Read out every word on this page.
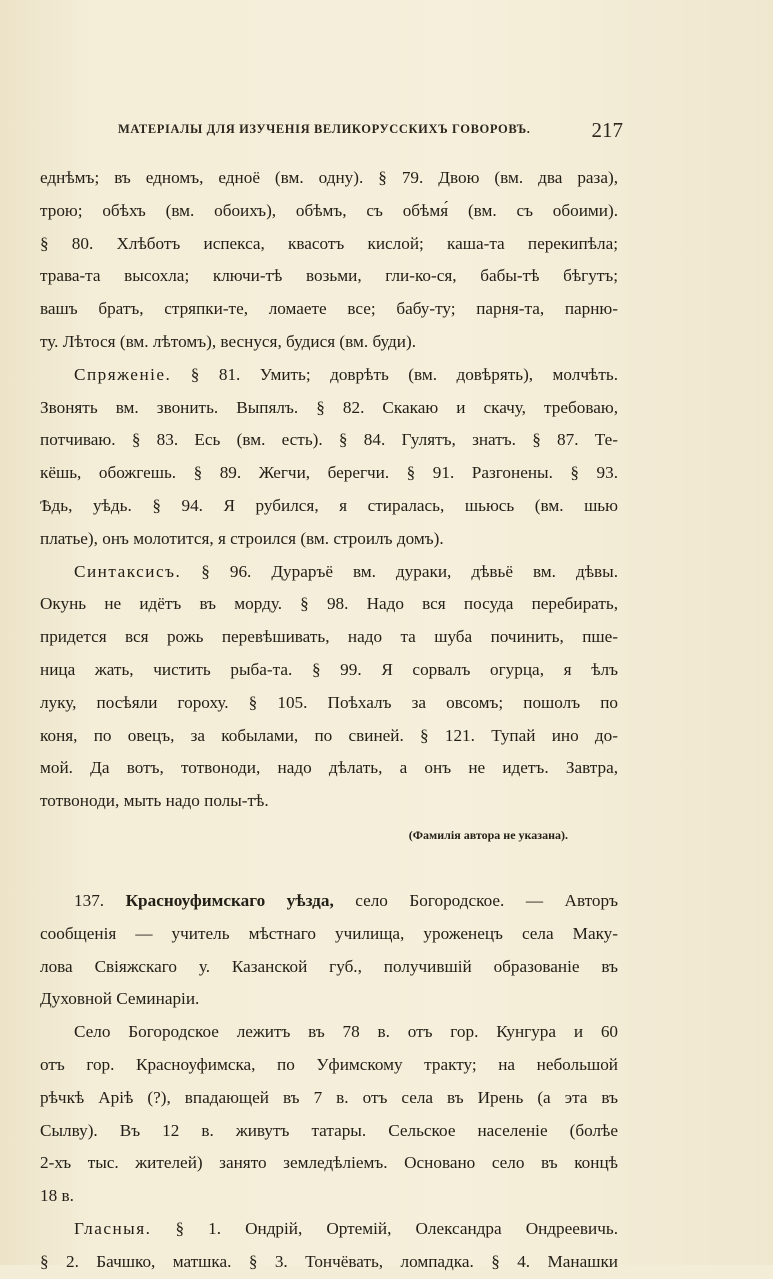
МАТЕРІАЛЫ ДЛЯ ИЗУЧЕНІЯ ВЕЛИКОРУССКИХЪ ГОВОРОВЪ.	217
еднѣмъ; въ едномъ, едноё (вм. одну). § 79. Двою (вм. два раза),
трою; обѣхъ (вм. обоихъ), обѣмъ, съ обѣмя́ (вм. съ обоими).
§ 80. Хлѣботъ испекса, квасотъ кислой; каша-та перекипѣла;
трава-та высохла; ключи-тѣ возьми, гли-ко-ся, бабы-тѣ бѣгутъ;
вашъ братъ, стряпки-те, ломаете все; бабу-ту; парня-та, парню-
ту. Лѣтося (вм. лѣтомъ), веснуся, будися (вм. буди).
Спряженіе. § 81. Умить; доврѣть (вм. довѣрять), молчѣть.
Звонять вм. звонить. Выпялъ. § 82. Скакаю и скачу, требоваю,
потчиваю. § 83. Есь (вм. есть). § 84. Гулятъ, знатъ. § 87. Те-
кёшь, обожгешь. § 89. Жегчи, берегчи. § 91. Разгонены. § 93.
Ѣдь, уѣдь. § 94. Я рубился, я стиралась, шьюсь (вм. шью
платье), онъ молотится, я строился (вм. строилъ домъ).
Синтаксисъ. § 96. Дураръё вм. дураки, дѣвьё вм. дѣвы.
Окунь не идётъ въ морду. § 98. Надо вся посуда перебирать,
придется вся рожь перевѣшивать, надо та шуба починить, пше-
ница жать, чистить рыба-та. § 99. Я сорвалъ огурца, я ѣлъ
луку, посѣяли гороху. § 105. Поѣхалъ за овсомъ; пошолъ по
коня, по овецъ, за кобылами, по свиней. § 121. Тупай ино до-
мой. Да вотъ, тотвоноди, надо дѣлать, а онъ не идетъ. Завтра,
тотвоноди, мыть надо полы-тѣ.
(Фамилія автора не указана).
137. Красноуфимскаго уѣзда, село Богородское. — Авторъ
сообщенія — учитель мѣстнаго училища, уроженецъ села Маку-
лова Свіяжскаго у. Казанской губ., получившій образованіе въ
Духовной Семинаріи.
Село Богородское лежитъ въ 78 в. отъ гор. Кунгура и 60
отъ гор. Красноуфимска, по Уфимскому тракту; на небольшой
рѣчкѣ Аріѣ (?), впадающей въ 7 в. отъ села въ Ирень (а эта въ
Сылву). Въ 12 в. живутъ татары. Сельское населеніе (болѣе
2-хъ тыс. жителей) занято земледѣліемъ. Основано село въ концѣ
18 в.
Гласныя. § 1. Ондрій, Ортемій, Олександра Ондреевичь.
§ 2. Бачшко, матшка. § 3. Тончёвать, ломпадка. § 4. Манашки
